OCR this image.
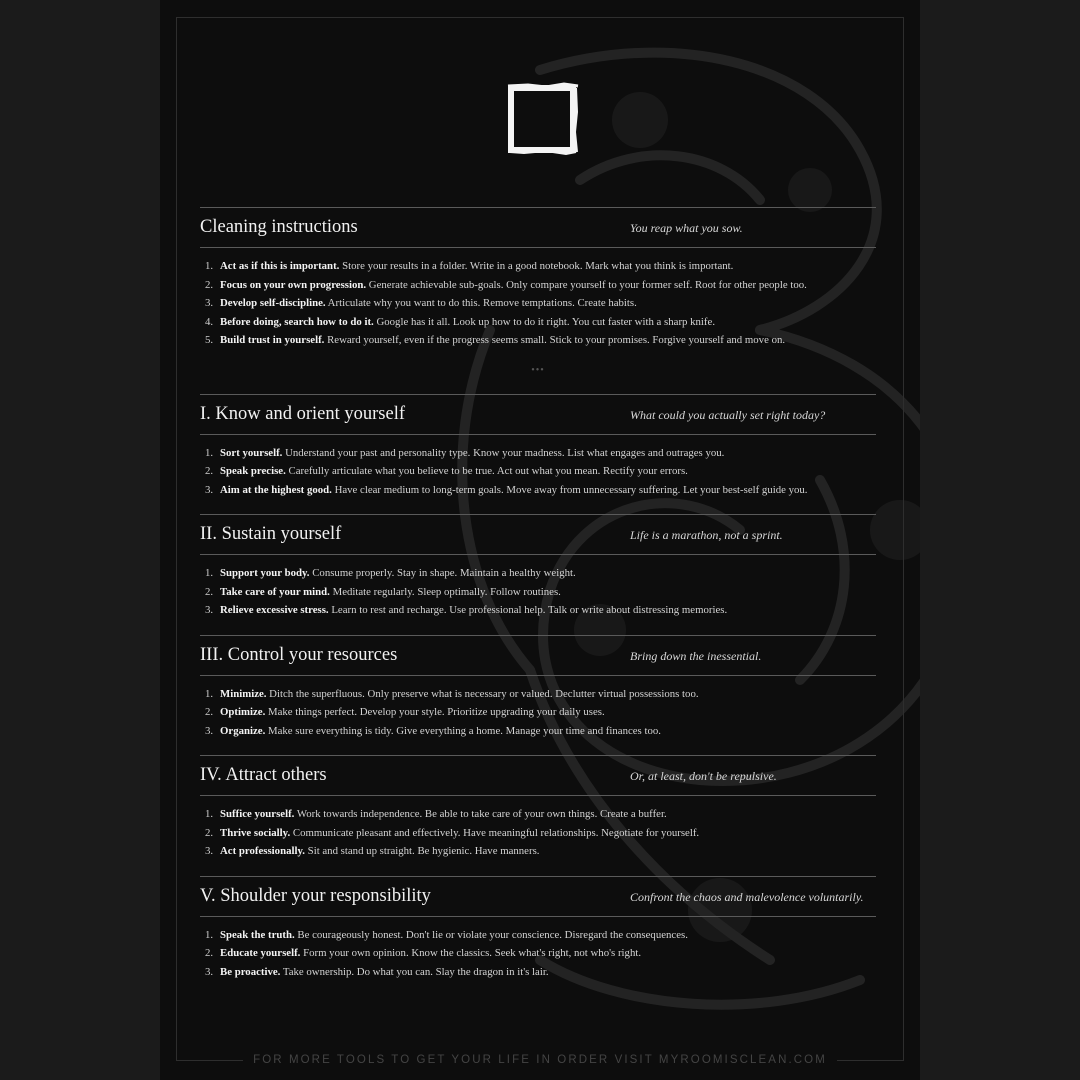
Cleaning instructions	You reap what you sow.
1. Act as if this is important. Store your results in a folder. Write in a good notebook. Mark what you think is important.
2. Focus on your own progression. Generate achievable sub-goals. Only compare yourself to your former self. Root for other people too.
3. Develop self-discipline. Articulate why you want to do this. Remove temptations. Create habits.
4. Before doing, search how to do it. Google has it all. Look up how to do it right. You cut faster with a sharp knife.
5. Build trust in yourself. Reward yourself, even if the progress seems small. Stick to your promises. Forgive yourself and move on.
•••
I. Know and orient yourself	What could you actually set right today?
1. Sort yourself. Understand your past and personality type. Know your madness. List what engages and outrages you.
2. Speak precise. Carefully articulate what you believe to be true. Act out what you mean. Rectify your errors.
3. Aim at the highest good. Have clear medium to long-term goals. Move away from unnecessary suffering. Let your best-self guide you.
II. Sustain yourself	Life is a marathon, not a sprint.
1. Support your body. Consume properly. Stay in shape. Maintain a healthy weight.
2. Take care of your mind. Meditate regularly. Sleep optimally. Follow routines.
3. Relieve excessive stress. Learn to rest and recharge. Use professional help. Talk or write about distressing memories.
III. Control your resources	Bring down the inessential.
1. Minimize. Ditch the superfluous. Only preserve what is necessary or valued. Declutter virtual possessions too.
2. Optimize. Make things perfect. Develop your style. Prioritize upgrading your daily uses.
3. Organize. Make sure everything is tidy. Give everything a home. Manage your time and finances too.
IV. Attract others	Or, at least, don't be repulsive.
1. Suffice yourself. Work towards independence. Be able to take care of your own things. Create a buffer.
2. Thrive socially. Communicate pleasant and effectively. Have meaningful relationships. Negotiate for yourself.
3. Act professionally. Sit and stand up straight. Be hygienic. Have manners.
V. Shoulder your responsibility	Confront the chaos and malevolence voluntarily.
1. Speak the truth. Be courageously honest. Don't lie or violate your conscience. Disregard the consequences.
2. Educate yourself. Form your own opinion. Know the classics. Seek what's right, not who's right.
3. Be proactive. Take ownership. Do what you can. Slay the dragon in it's lair.
FOR MORE TOOLS TO GET YOUR LIFE IN ORDER VISIT MYROOMISCLEAN.COM
